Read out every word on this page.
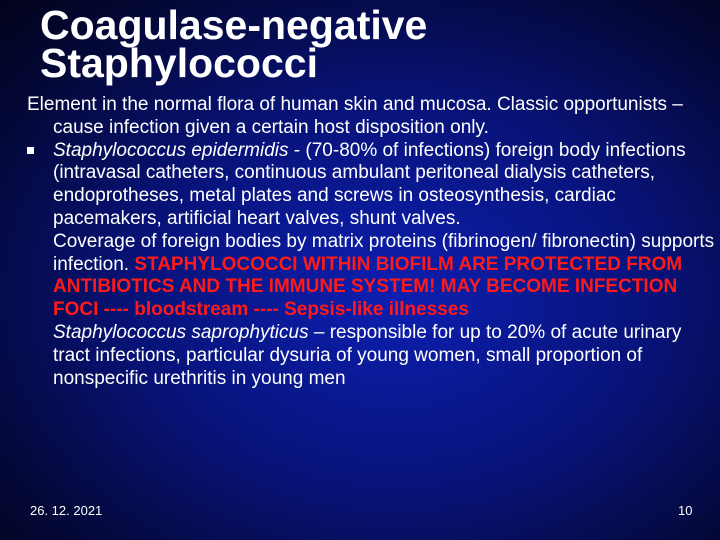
Coagulase-negative
Staphylococci

Element in the normal flora of human skin and mucosa. Classic opportunists – cause infection given a certain host disposition only.

Staphylococcus epidermidis - (70-80% of infections) foreign body infections (intravasal catheters, continuous ambulant peritoneal dialysis catheters, endoprotheses, metal plates and screws in osteosynthesis, cardiac pacemakers, artificial heart valves, shunt valves.

Coverage of foreign bodies by matrix proteins (fibrinogen/ fibronectin) supports infection. STAPHYLOCOCCI WITHIN BIOFILM ARE PROTECTED FROM ANTIBIOTICS AND THE IMMUNE SYSTEM! MAY BECOME INFECTION FOCI ---- bloodstream ---- Sepsis-like illnesses

Staphylococcus saprophyticus – responsible for up to 20% of acute urinary tract infections, particular dysuria of young women, small proportion of nonspecific urethritis in young men

26. 12. 2021	10
